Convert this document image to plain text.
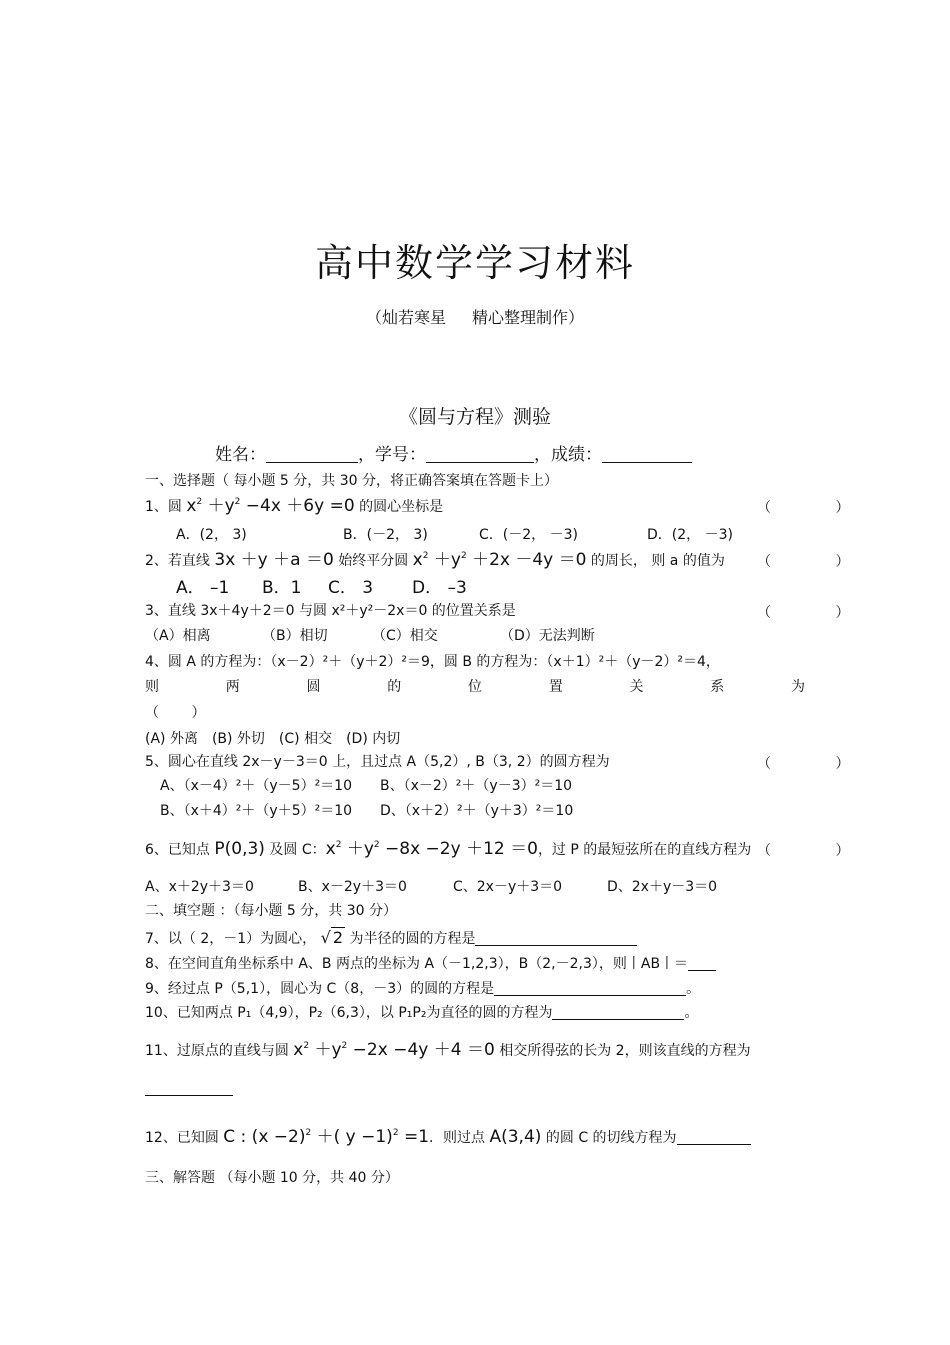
高中数学学习材料
（灿若寒星 精心整理制作）
《圆与方程》测验
姓名：	，学号：	，成绩：
一、选择题（ 每小题 5 分，共 30 分，将正确答案填在答题卡上）
1、圆 $x^2 +y^2 -4x +6y =0$ 的圆心坐标是	（ ）
A．(2， 3)	B．(－2， 3)	C．(－2， －3)	D．(2， －3)
2、若直线 3x ＋y ＋a ＝0 始终平分圆 $x^2 +y^2 +2x -4y =0$ 的周长， 则 a 的值为 （ ）
A． –1 B．1 C． 3 D． –3
3、直线 3x＋4y＋2＝0 与圆 x²＋y²－2x＝0 的位置关系是	（ ）
（A）相离	（B）相切	（C）相交	（D）无法判断
4、圆 A 的方程为：（x－2）²＋（y＋2）²＝9，圆 B 的方程为：（x＋1）²＋（y－2）²＝4，
则	两	圆	的	位	置	关	系	为
（ ）
(A) 外离　(B) 外切　(C) 相交　(D) 内切
5、圆心在直线 2x－y－3＝0 上，且过点 A（5,2）, B（3, 2）的圆方程为	（ ）
A、（x－4）²＋（y－5）²＝10　　B、（x－2）²＋（y－3）²＝10
B、（x＋4）²＋（y＋5）²＝10　　D、（x＋2）²＋（y＋3）²＝10
6、已知点 P(0,3) 及圆 C：$x^2 +y^2 -8x -2y +12 =0$，过 P 的最短弦所在的直线方程为 （ ）
A、x＋2y＋3＝0	B、x－2y＋3＝0	C、2x－y＋3＝0	D、2x＋y－3＝0
二、填空题 ：（每小题 5 分，共 30 分）
7、以（ 2，－1）为圆心， √ 2 为半径的圆的方程是
8、在空间直角坐标系中 A、B 两点的坐标为 A（－1,2,3），B（2,－2,3），则丨AB丨＝
9、经过点 P（5,1），圆心为 C（8，－3）的圆的方程是	。
10、已知两点 P₁（4,9），P₂（6,3），以 P₁P₂为直径的圆的方程为	。
11、过原点的直线与圆 $x^2 +y^2 -2x -4y +4 =0$ 相交所得弦的长为 2，则该直线的方程为
12、已知圆 C : $(x -2)^2$ ＋( y −1)$^2$ =1．则过点 A(3,4) 的圆 C 的切线方程为
三、解答题 （每小题 10 分，共 40 分）
